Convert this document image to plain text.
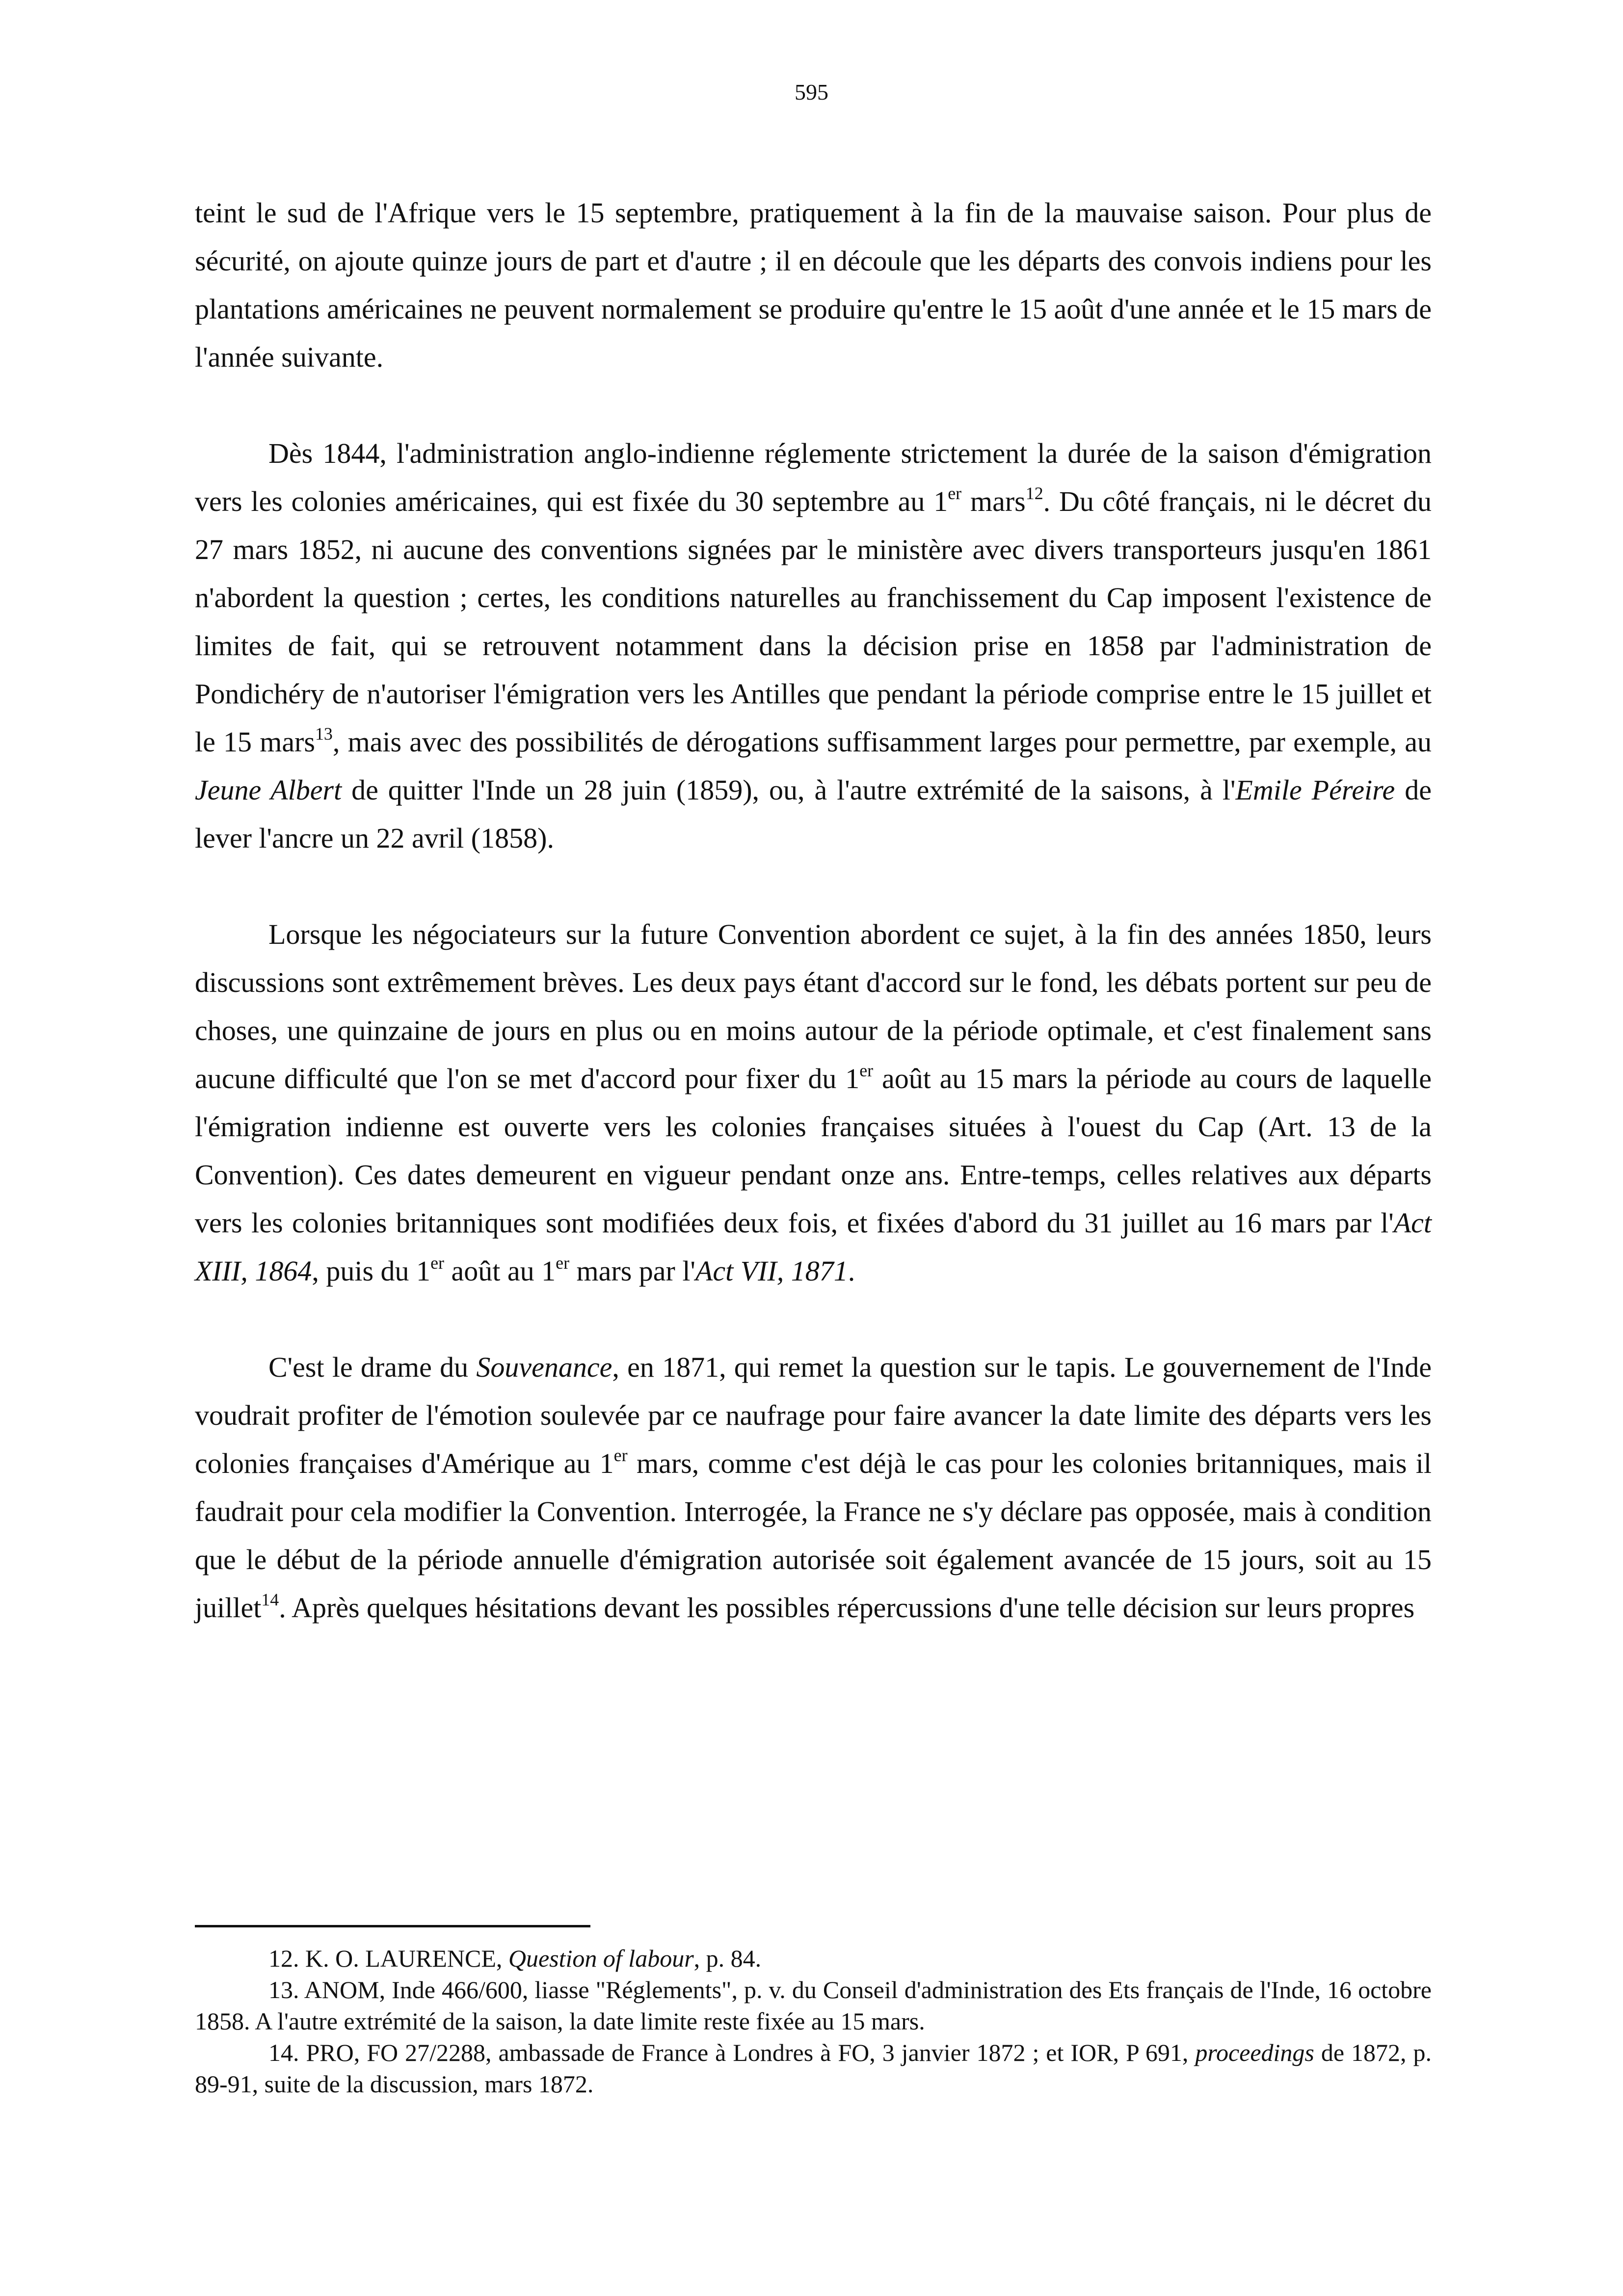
595

teint le sud de l'Afrique vers le 15 septembre, pratiquement à la fin de la mauvaise saison. Pour plus de sécurité, on ajoute quinze jours de part et d'autre ; il en découle que les départs des convois indiens pour les plantations américaines ne peuvent normalement se produire qu'entre le 15 août d'une année et le 15 mars de l'année suivante.

Dès 1844, l'administration anglo-indienne réglemente strictement la durée de la saison d'émigration vers les colonies américaines, qui est fixée du 30 septembre au 1er mars$^{12}$. Du côté français, ni le décret du 27 mars 1852, ni aucune des conventions signées par le ministère avec divers transporteurs jusqu'en 1861 n'abordent la question ; certes, les conditions naturelles au franchissement du Cap imposent l'existence de limites de fait, qui se retrouvent notamment dans la décision prise en 1858 par l'administration de Pondichéry de n'autoriser l'émigration vers les Antilles que pendant la période comprise entre le 15 juillet et le 15 mars$^{13}$, mais avec des possibilités de dérogations suffisamment larges pour permettre, par exemple, au Jeune Albert de quitter l'Inde un 28 juin (1859), ou, à l'autre extrémité de la saisons, à l'Emile Péreire de lever l'ancre un 22 avril (1858).

Lorsque les négociateurs sur la future Convention abordent ce sujet, à la fin des années 1850, leurs discussions sont extrêmement brèves. Les deux pays étant d'accord sur le fond, les débats portent sur peu de choses, une quinzaine de jours en plus ou en moins autour de la période optimale, et c'est finalement sans aucune difficulté que l'on se met d'accord pour fixer du 1er août au 15 mars la période au cours de laquelle l'émigration indienne est ouverte vers les colonies françaises situées à l'ouest du Cap (Art. 13 de la Convention). Ces dates demeurent en vigueur pendant onze ans. Entre-temps, celles relatives aux départs vers les colonies britanniques sont modifiées deux fois, et fixées d'abord du 31 juillet au 16 mars par l'Act XIII, 1864, puis du 1er août au 1er mars par l'Act VII, 1871.

C'est le drame du Souvenance, en 1871, qui remet la question sur le tapis. Le gouvernement de l'Inde voudrait profiter de l'émotion soulevée par ce naufrage pour faire avancer la date limite des départs vers les colonies françaises d'Amérique au 1er mars, comme c'est déjà le cas pour les colonies britanniques, mais il faudrait pour cela modifier la Convention. Interrogée, la France ne s'y déclare pas opposée, mais à condition que le début de la période annuelle d'émigration autorisée soit également avancée de 15 jours, soit au 15 juillet$^{14}$. Après quelques hésitations devant les possibles répercussions d'une telle décision sur leurs propres

12. K. O. LAURENCE, Question of labour, p. 84.

13. ANOM, Inde 466/600, liasse "Réglements", p. v. du Conseil d'administration des Ets français de l'Inde, 16 octobre 1858. A l'autre extrémité de la saison, la date limite reste fixée au 15 mars.

14. PRO, FO 27/2288, ambassade de France à Londres à FO, 3 janvier 1872 ; et IOR, P 691, proceedings de 1872, p. 89-91, suite de la discussion, mars 1872.
